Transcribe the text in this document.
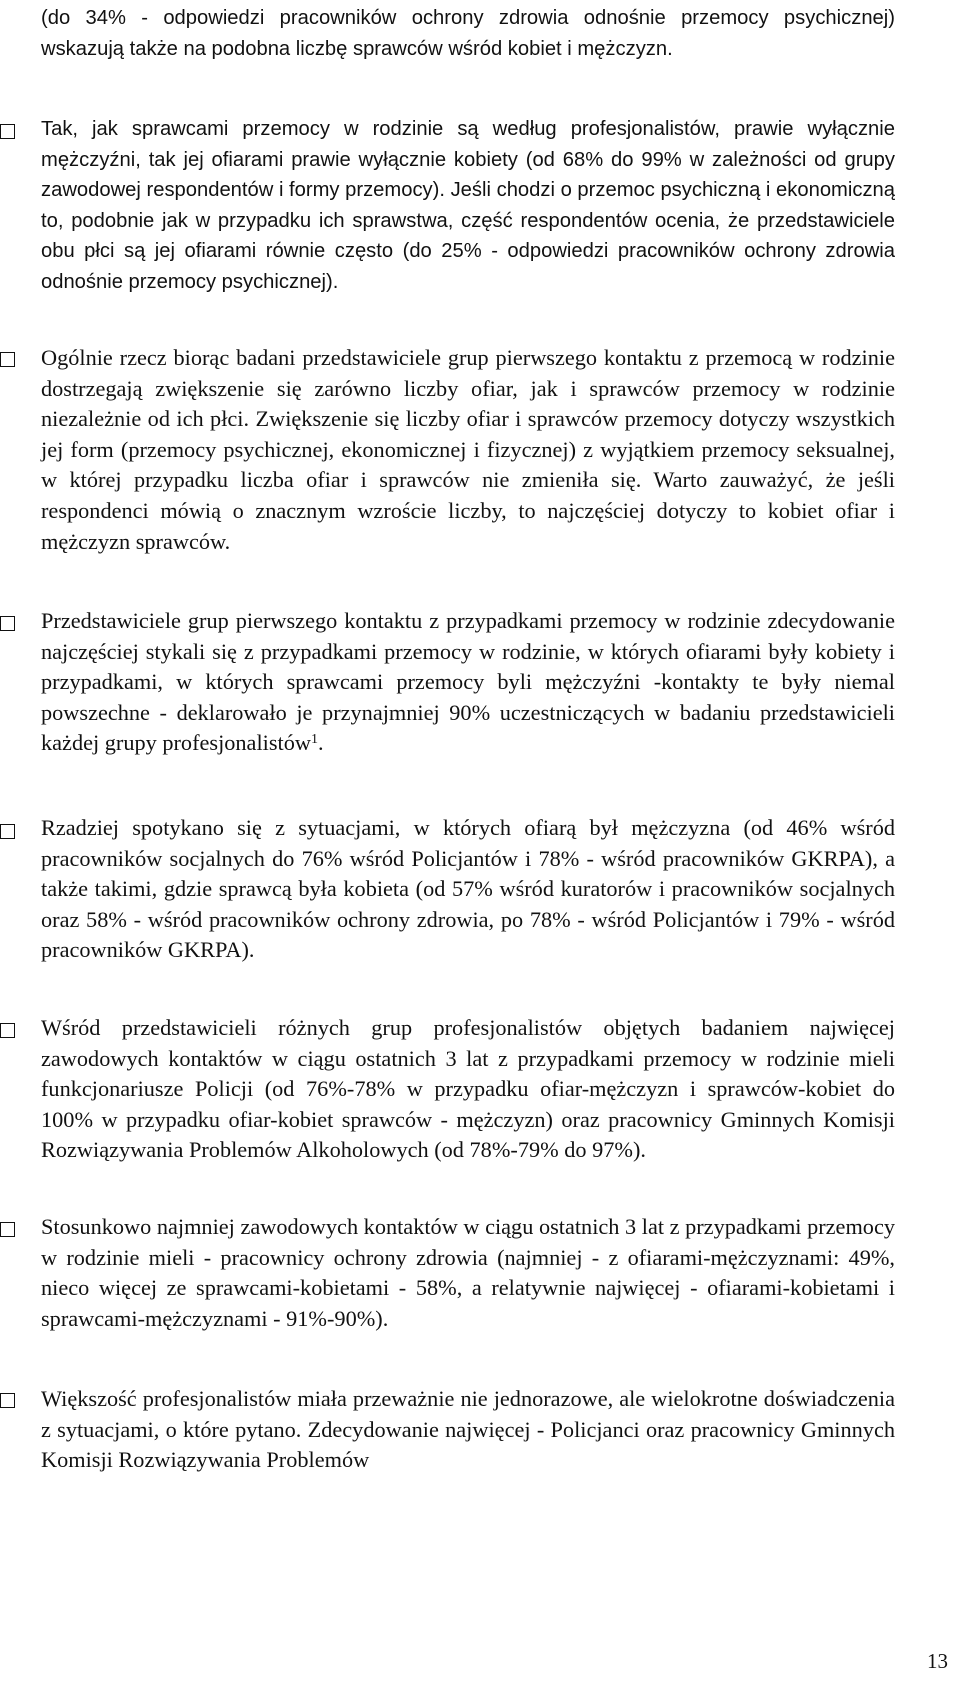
(do 34% - odpowiedzi pracowników ochrony zdrowia odnośnie przemocy psychicznej) wskazują także na podobna liczbę sprawców wśród kobiet i mężczyzn.

Tak, jak sprawcami przemocy w rodzinie są według profesjonalistów, prawie wyłącznie mężczyźni, tak jej ofiarami prawie wyłącznie kobiety (od 68% do 99% w zależności od grupy zawodowej respondentów i formy przemocy). Jeśli chodzi o przemoc psychiczną i ekonomiczną to, podobnie jak w przypadku ich sprawstwa, część respondentów ocenia, że przedstawiciele obu płci są jej ofiarami równie często (do 25% - odpowiedzi pracowników ochrony zdrowia odnośnie przemocy psychicznej).

Ogólnie rzecz biorąc badani przedstawiciele grup pierwszego kontaktu z przemocą w rodzinie dostrzegają zwiększenie się zarówno liczby ofiar, jak i sprawców przemocy w rodzinie niezależnie od ich płci. Zwiększenie się liczby ofiar i sprawców przemocy dotyczy wszystkich jej form (przemocy psychicznej, ekonomicznej i fizycznej) z wyjątkiem przemocy seksualnej, w której przypadku liczba ofiar i sprawców nie zmieniła się. Warto zauważyć, że jeśli respondenci mówią o znacznym wzroście liczby, to najczęściej dotyczy to kobiet ofiar i mężczyzn sprawców.

Przedstawiciele grup pierwszego kontaktu z przypadkami przemocy w rodzinie zdecydowanie najczęściej stykali się z przypadkami przemocy w rodzinie, w których ofiarami były kobiety i przypadkami, w których sprawcami przemocy byli mężczyźni -kontakty te były niemal powszechne - deklarowało je przynajmniej 90% uczestniczących w badaniu przedstawicieli każdej grupy profesjonalistów$^1$.

Rzadziej spotykano się z sytuacjami, w których ofiarą był mężczyzna (od 46% wśród pracowników socjalnych do 76% wśród Policjantów i 78% - wśród pracowników GKRPA), a także takimi, gdzie sprawcą była kobieta (od 57% wśród kuratorów i pracowników socjalnych oraz 58% - wśród pracowników ochrony zdrowia, po 78% - wśród Policjantów i 79% - wśród pracowników GKRPA).

Wśród przedstawicieli różnych grup profesjonalistów objętych badaniem najwięcej zawodowych kontaktów w ciągu ostatnich 3 lat z przypadkami przemocy w rodzinie mieli funkcjonariusze Policji (od 76%-78% w przypadku ofiar-mężczyzn i sprawców-kobiet do 100% w przypadku ofiar-kobiet sprawców - mężczyzn) oraz pracownicy Gminnych Komisji Rozwiązywania Problemów Alkoholowych (od 78%-79% do 97%).

Stosunkowo najmniej zawodowych kontaktów w ciągu ostatnich 3 lat z przypadkami przemocy w rodzinie mieli - pracownicy ochrony zdrowia (najmniej - z ofiarami-mężczyznami: 49%, nieco więcej ze sprawcami-kobietami - 58%, a relatywnie najwięcej - ofiarami-kobietami i sprawcami-mężczyznami - 91%-90%).

Większość profesjonalistów miała przeważnie nie jednorazowe, ale wielokrotne doświadczenia z sytuacjami, o które pytano. Zdecydowanie najwięcej - Policjanci oraz pracownicy Gminnych Komisji Rozwiązywania Problemów

13
